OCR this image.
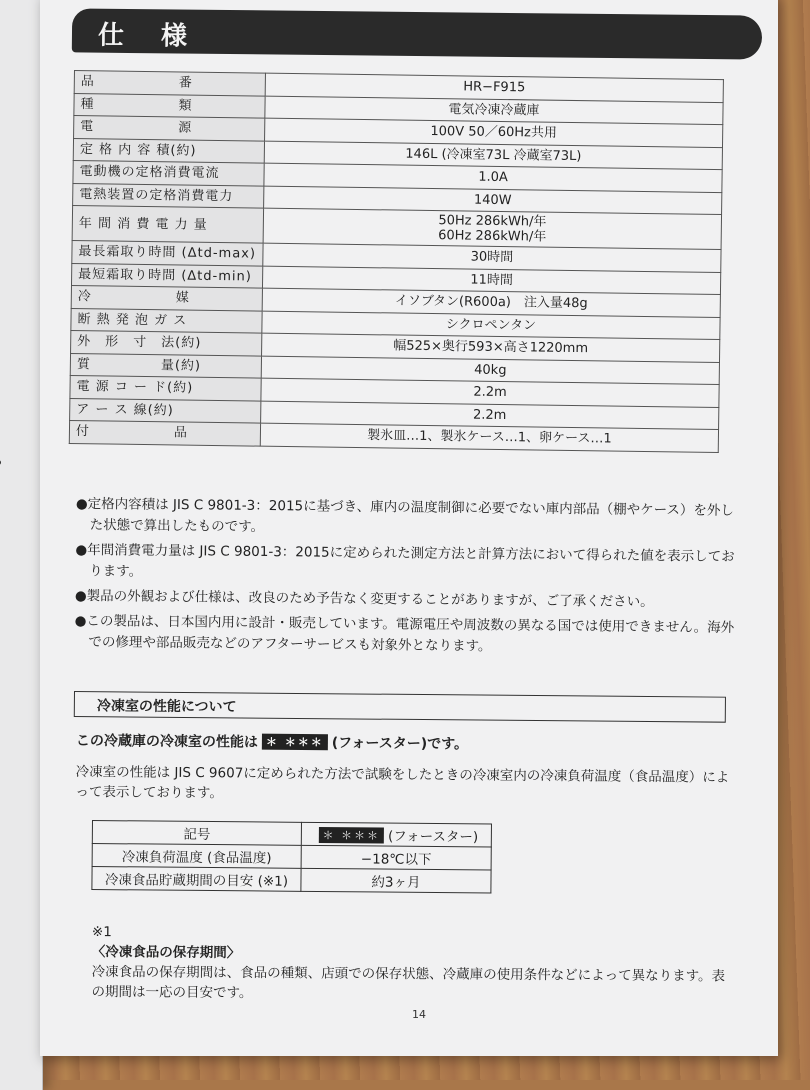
仕 様
品　　　　　　番	HR−F915
種　　　　　　類	電気冷凍冷蔵庫
電　　　　　　源	100V 50／60Hz共用
定 格 内 容 積(約)	146L (冷凍室73L 冷蔵室73L)
電動機の定格消費電流	1.0A
電熱装置の定格消費電力	140W
年 間 消 費 電 力 量	50Hz 286kWh/年
60Hz 286kWh/年

最長霜取り時間 (Δtd-max)	30時間
最短霜取り時間 (Δtd-min)	11時間
冷　　　　　　媒	イソブタン(R600a)　注入量48g
断 熱 発 泡 ガ ス	シクロペンタン
外　形　寸　法(約)	幅525×奥行593×高さ1220mm
質　　　　　量(約)	40kg
電 源 コ ー ド(約)	2.2m
ア ー ス 線(約)	2.2m
付　　　　　　品	製氷皿…1、製氷ケース…1、卵ケース…1

●定格内容積は JIS C 9801-3：2015に基づき、庫内の温度制御に必要でない庫内部品（棚やケース）を外した状態で算出したものです。

●年間消費電力量は JIS C 9801-3：2015に定められた測定方法と計算方法において得られた値を表示しております。

●製品の外観および仕様は、改良のため予告なく変更することがありますが、ご了承ください。

●この製品は、日本国内用に設計・販売しています。電源電圧や周波数の異なる国では使用できません。海外での修理や部品販売などのアフターサービスも対象外となります。

冷凍室の性能について

この冷蔵庫の冷凍室の性能は ＊ ＊＊＊ (フォースター)です。

冷凍室の性能は JIS C 9607に定められた方法で試験をしたときの冷凍室内の冷凍負荷温度（食品温度）によって表示しております。

記号	＊ ＊＊＊ (フォースター)
冷凍負荷温度 (食品温度)	−18℃以下
冷凍食品貯蔵期間の目安 (※1)	約3ヶ月

※1

〈冷凍食品の保存期間〉

冷凍食品の保存期間は、食品の種類、店頭での保存状態、冷蔵庫の使用条件などによって異なります。表の期間は一応の目安です。

14
